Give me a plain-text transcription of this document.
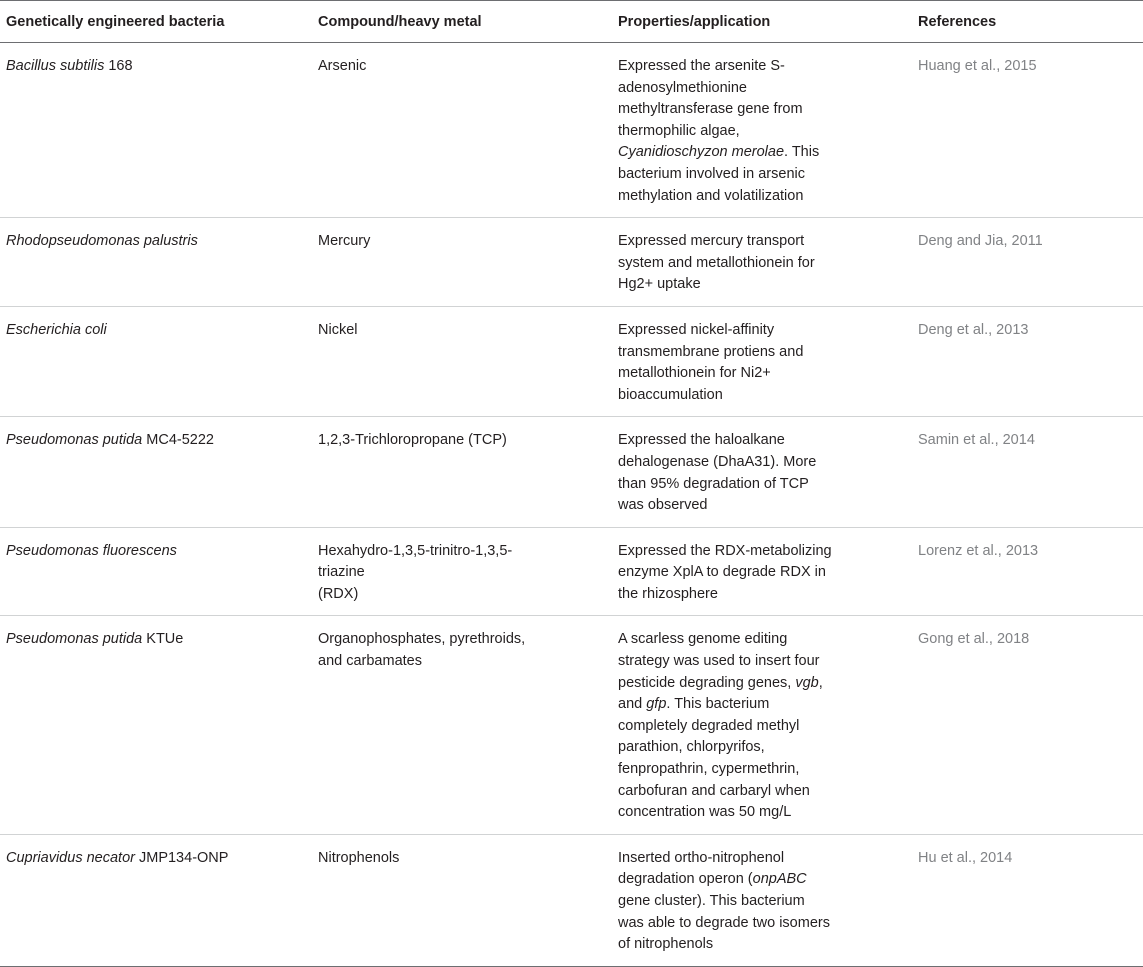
Genetically engineered bacteria	Compound/heavy metal	Properties/application	References

Bacillus subtilis 168	Arsenic	Expressed the arsenite S-adenosylmethionine methyltransferase gene from thermophilic algae, Cyanidioschyzon merolae. This bacterium involved in arsenic methylation and volatilization	Huang et al., 2015

Rhodopseudomonas palustris	Mercury	Expressed mercury transport system and metallothionein for Hg2+ uptake	Deng and Jia, 2011

Escherichia coli	Nickel	Expressed nickel-affinity transmembrane protiens and metallothionein for Ni2+ bioaccumulation	Deng et al., 2013

Pseudomonas putida MC4-5222	1,2,3-Trichloropropane (TCP)	Expressed the haloalkane dehalogenase (DhaA31). More than 95% degradation of TCP was observed	Samin et al., 2014

Pseudomonas fluorescens	Hexahydro-1,3,5-trinitro-1,3,5-triazine
(RDX)	Expressed the RDX-metabolizing enzyme XplA to degrade RDX in the rhizosphere	Lorenz et al., 2013

Pseudomonas putida KTUe	Organophosphates, pyrethroids, and carbamates	A scarless genome editing strategy was used to insert four pesticide degrading genes, vgb, and gfp. This bacterium completely degraded methyl parathion, chlorpyrifos, fenpropathrin, cypermethrin, carbofuran and carbaryl when concentration was 50 mg/L	Gong et al., 2018

Cupriavidus necator JMP134-ONP	Nitrophenols	Inserted ortho-nitrophenol degradation operon (onpABC gene cluster). This bacterium was able to degrade two isomers of nitrophenols	Hu et al., 2014
